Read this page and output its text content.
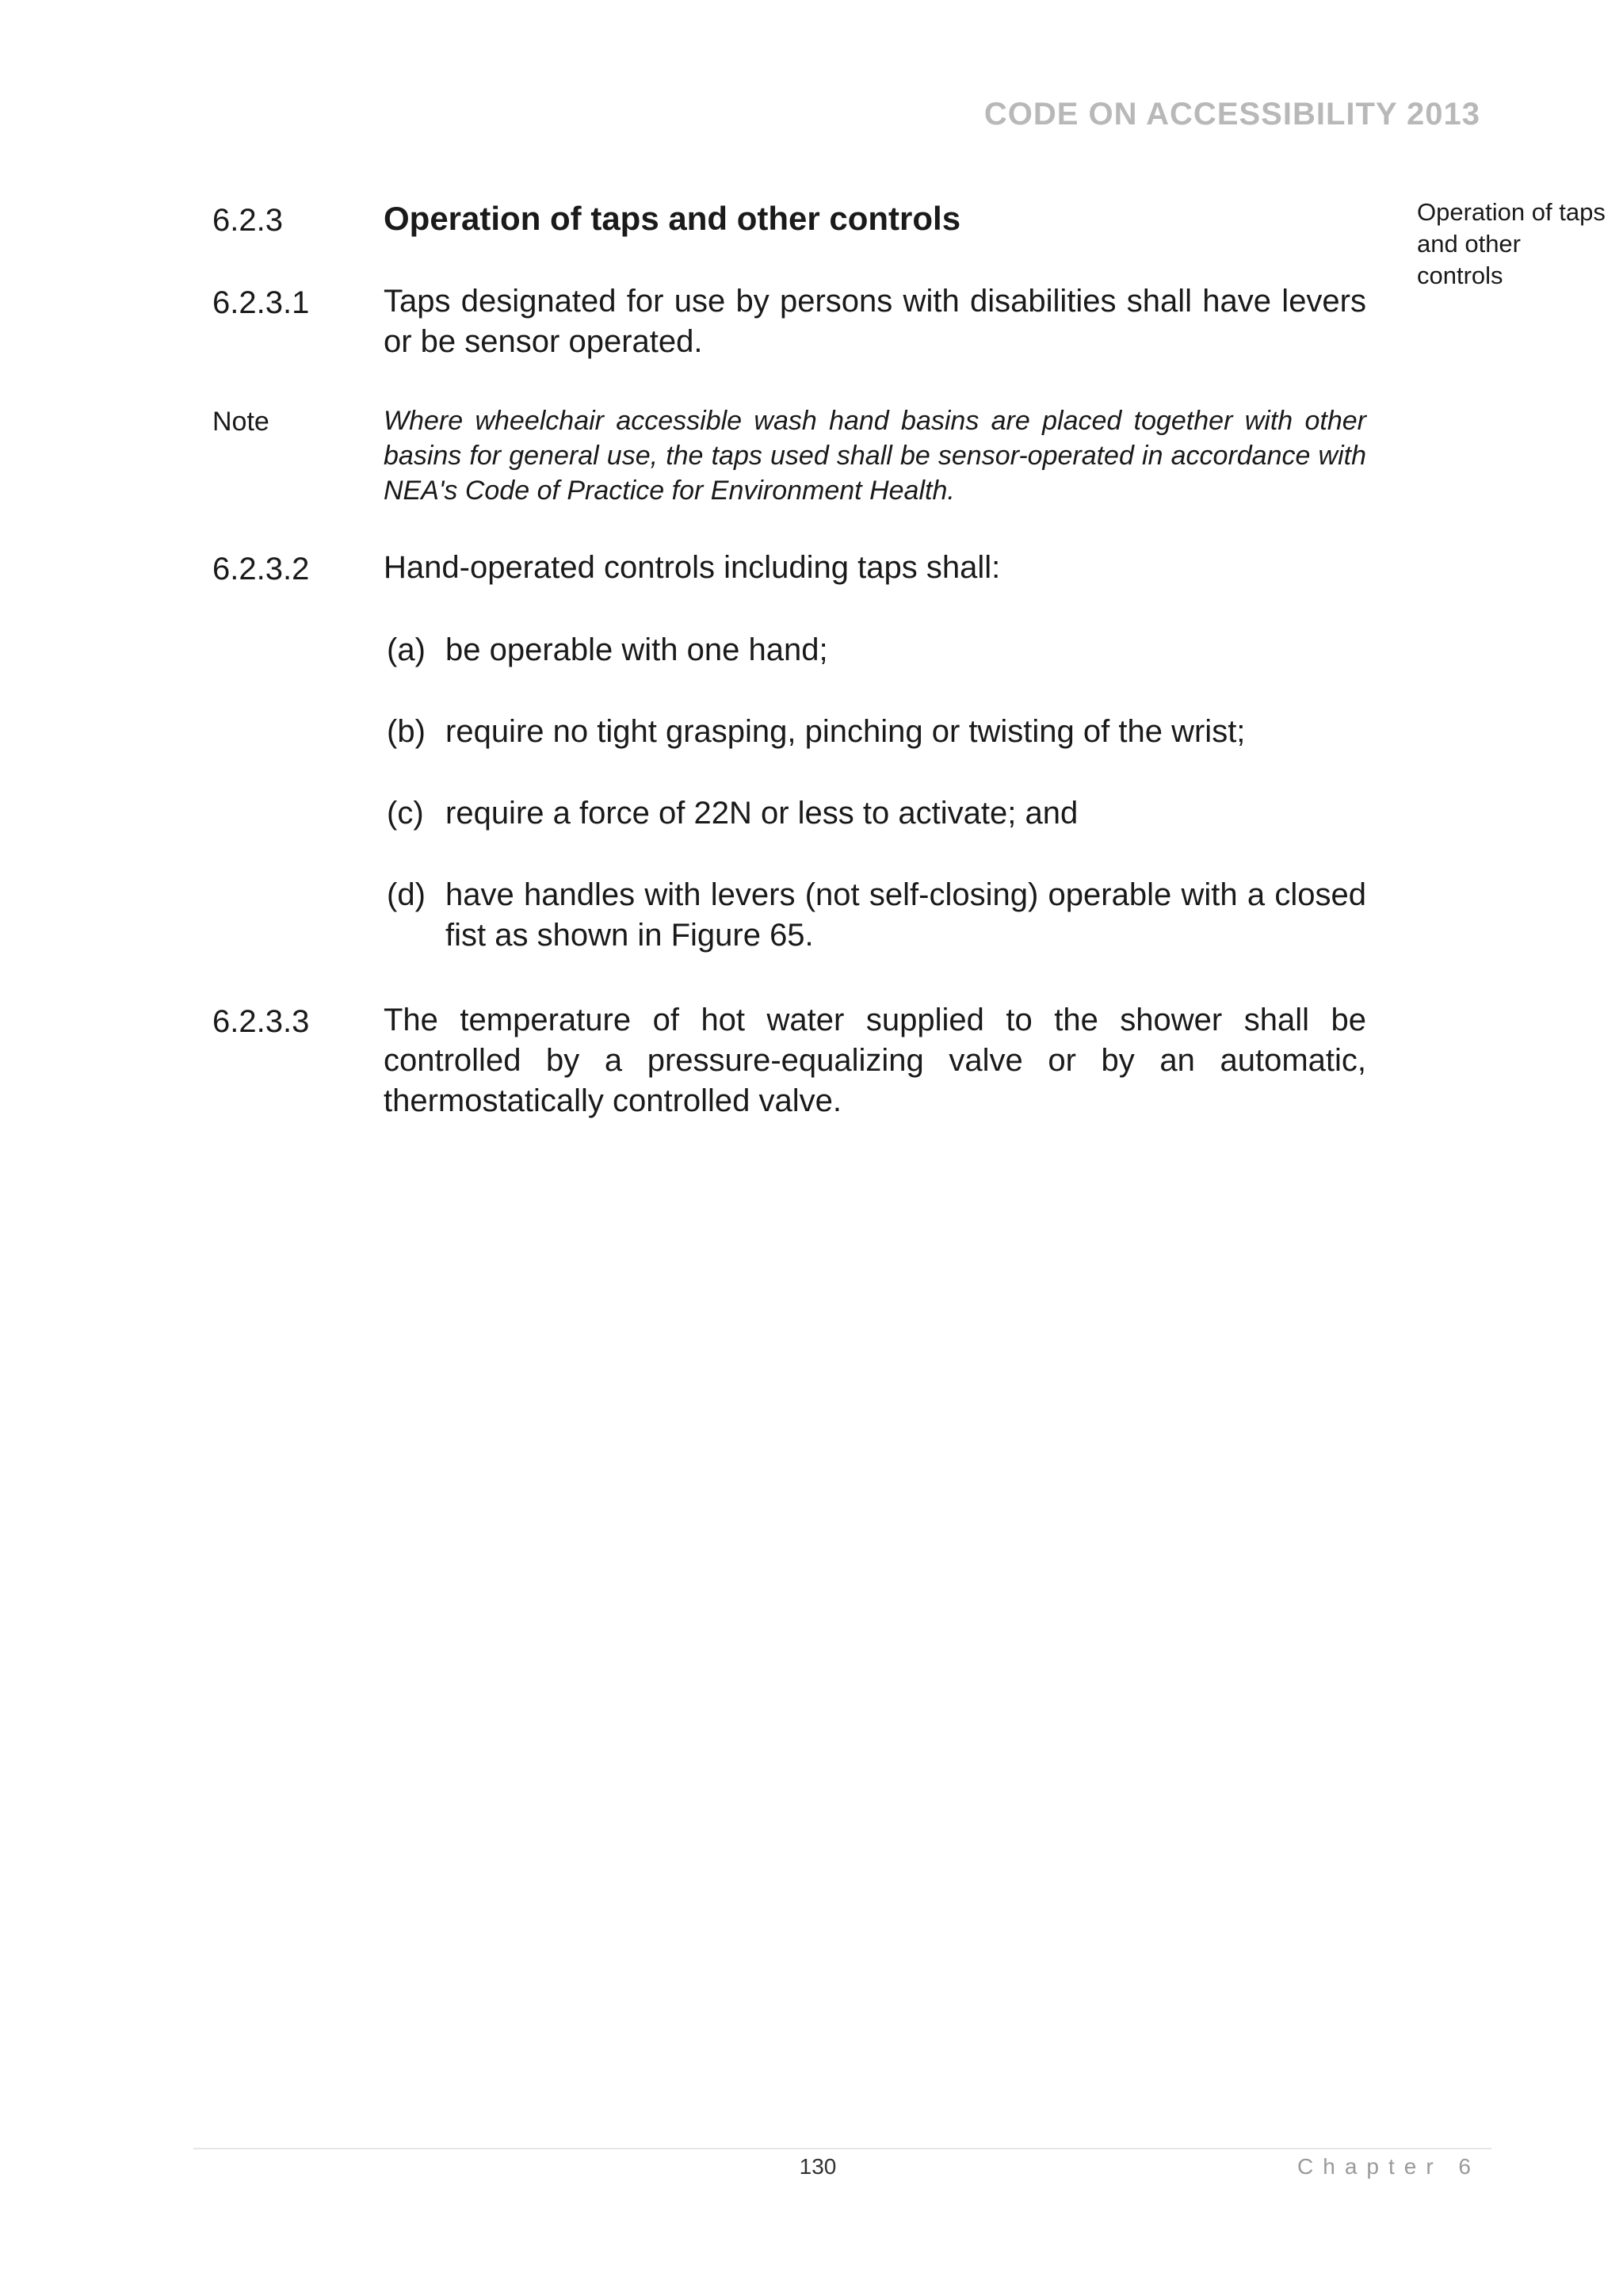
CODE ON ACCESSIBILITY 2013
Operation of taps and other controls
6.2.3	Operation of taps and other controls
6.2.3.1 Taps designated for use by persons with disabilities shall have levers or be sensor operated.
Note	Where wheelchair accessible wash hand basins are placed together with other basins for general use, the taps used shall be sensor-operated in accordance with NEA's Code of Practice for Environment Health.
6.2.3.2 Hand-operated controls including taps shall:
(a) be operable with one hand;
(b) require no tight grasping, pinching or twisting of the wrist;
(c) require a force of 22N or less to activate; and
(d) have handles with levers (not self-closing) operable with a closed fist as shown in Figure 65.
6.2.3.3 The temperature of hot water supplied to the shower shall be controlled by a pressure-equalizing valve or by an automatic, thermostatically controlled valve.
130	Chapter 6
